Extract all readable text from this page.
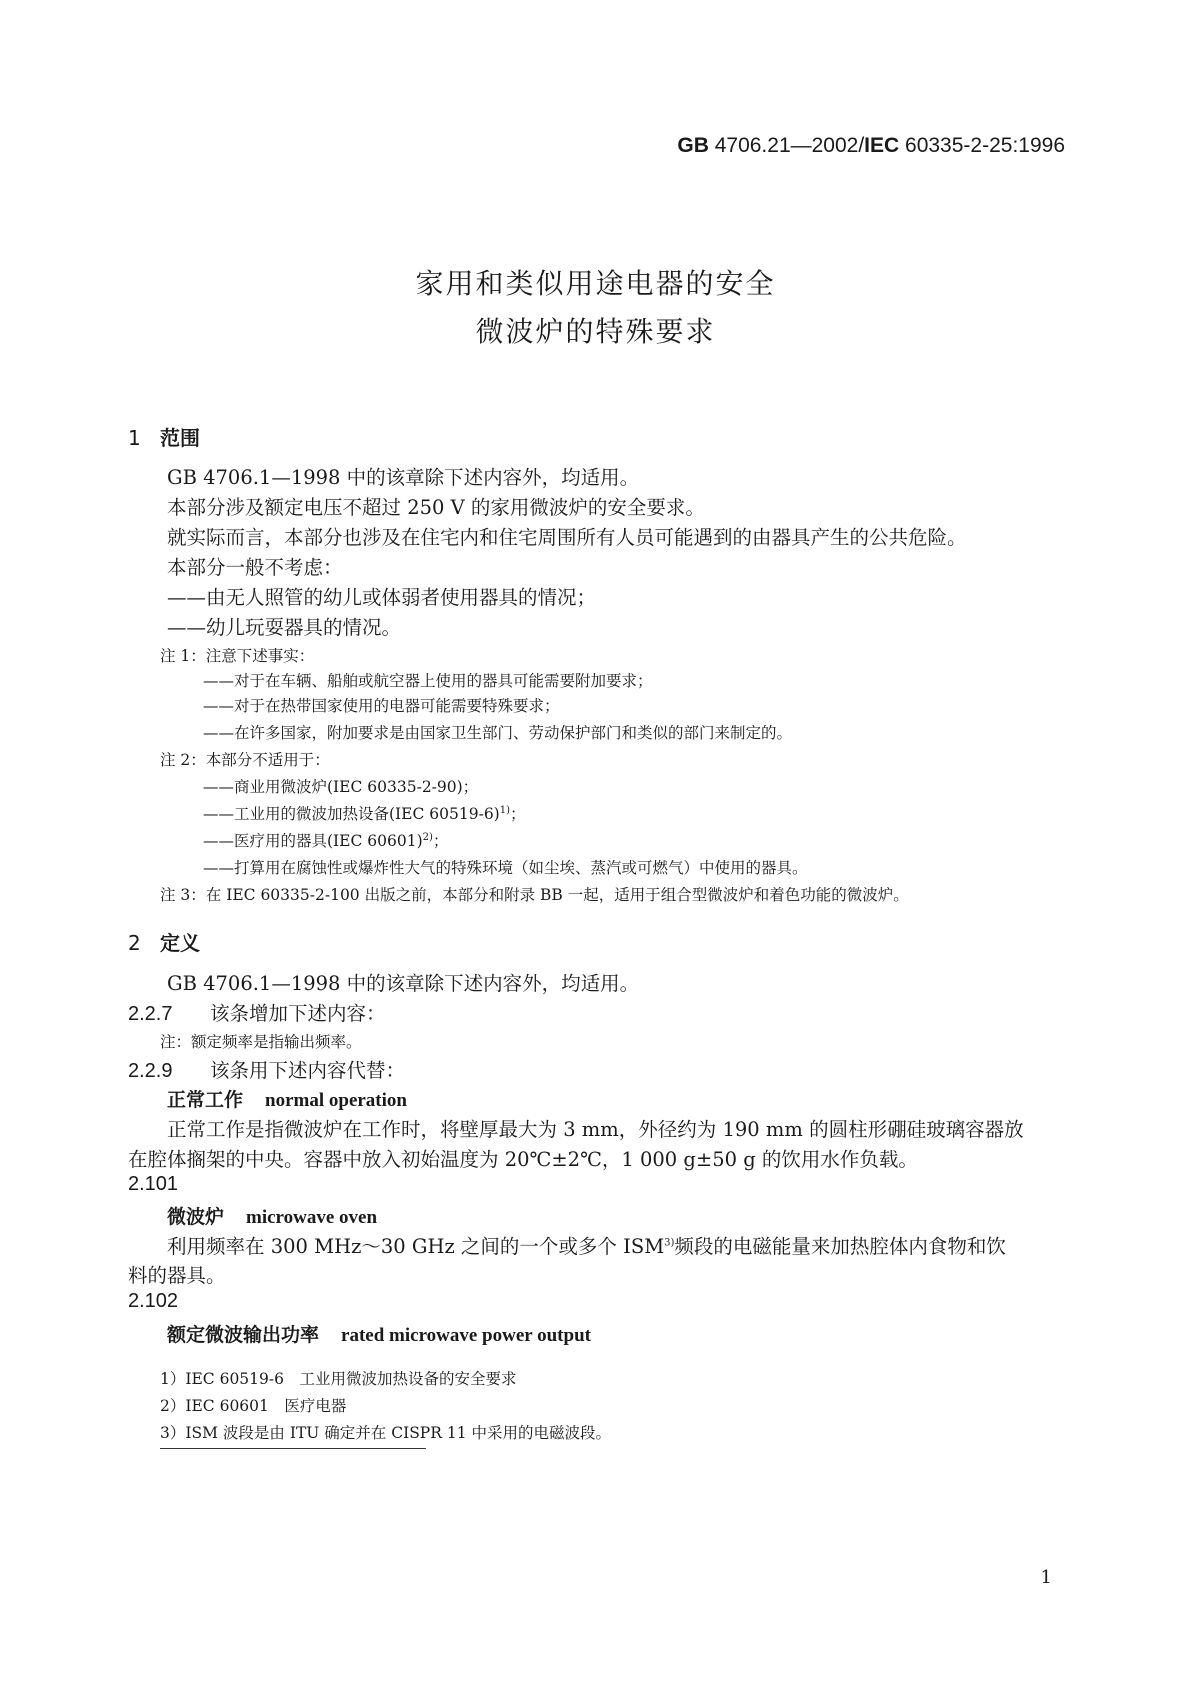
GB 4706.21—2002/IEC 60335-2-25:1996
家用和类似用途电器的安全
微波炉的特殊要求
1 范围
GB 4706.1—1998 中的该章除下述内容外，均适用。
本部分涉及额定电压不超过 250 V 的家用微波炉的安全要求。
就实际而言，本部分也涉及在住宅内和住宅周围所有人员可能遇到的由器具产生的公共危险。
本部分一般不考虑：
——由无人照管的幼儿或体弱者使用器具的情况；
——幼儿玩耍器具的情况。
注 1：注意下述事实：
——对于在车辆、船舶或航空器上使用的器具可能需要附加要求；
——对于在热带国家使用的电器可能需要特殊要求；
——在许多国家，附加要求是由国家卫生部门、劳动保护部门和类似的部门来制定的。
注 2：本部分不适用于：
——商业用微波炉(IEC 60335-2-90)；
——工业用的微波加热设备(IEC 60519-6)$^{1)}$；
——医疗用的器具(IEC 60601)$^{2)}$；
——打算用在腐蚀性或爆炸性大气的特殊环境（如尘埃、蒸汽或可燃气）中使用的器具。
注 3：在 IEC 60335-2-100 出版之前，本部分和附录 BB 一起，适用于组合型微波炉和着色功能的微波炉。
2 定义
GB 4706.1—1998 中的该章除下述内容外，均适用。
2.2.7 该条增加下述内容：
注：额定频率是指输出频率。
2.2.9 该条用下述内容代替：
正常工作 normal operation
正常工作是指微波炉在工作时，将壁厚最大为 3 mm，外径约为 190 mm 的圆柱形硼硅玻璃容器放
在腔体搁架的中央。容器中放入初始温度为 20℃±2℃，1 000 g±50 g 的饮用水作负载。
2.101
微波炉 microwave oven
利用频率在 300 MHz～30 GHz 之间的一个或多个 ISM$^{3)}$频段的电磁能量来加热腔体内食物和饮
料的器具。
2.102
额定微波输出功率 rated microwave power output
1）IEC 60519-6　工业用微波加热设备的安全要求
2）IEC 60601　医疗电器
3）ISM 波段是由 ITU 确定并在 CISPR 11 中采用的电磁波段。
1
